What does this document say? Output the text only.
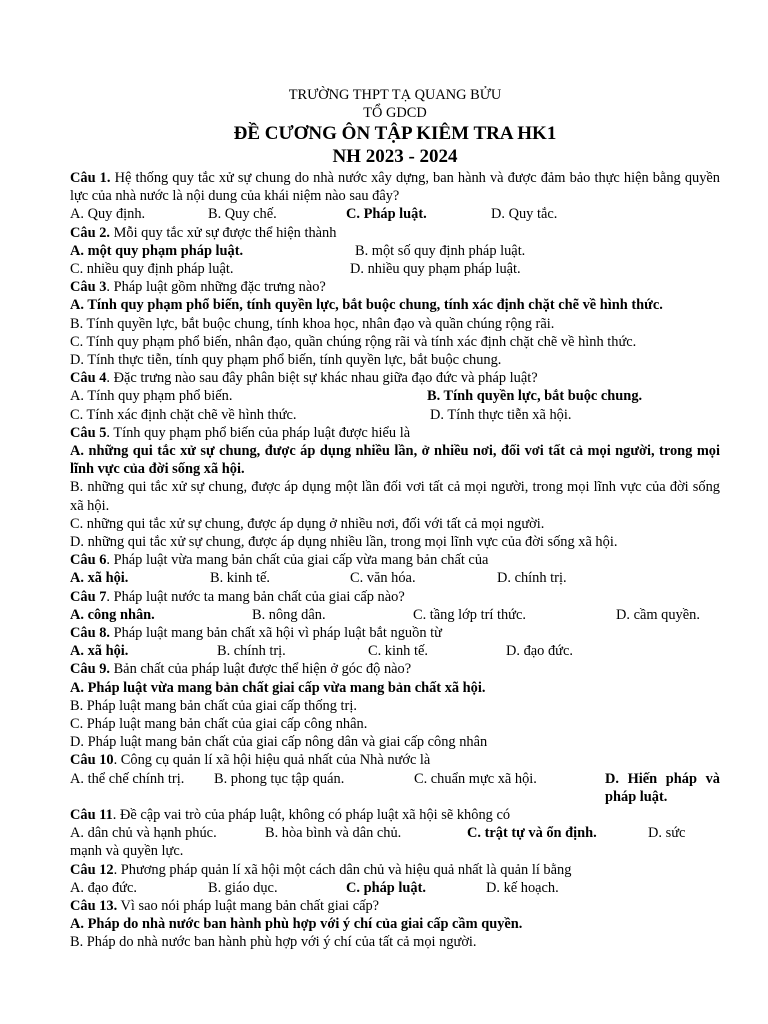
TRƯỜNG THPT TẠ QUANG BỬU
TỔ GDCD
ĐỀ CƯƠNG ÔN TẬP KIÊM TRA HK1
NH 2023 - 2024
Câu 1. Hệ thống quy tắc xử sự chung do nhà nước xây dựng, ban hành và được đảm bảo thực hiện bằng quyền lực của nhà nước là nội dung của khái niệm nào sau đây?
A. Quy định.	B. Quy chế.	C. Pháp luật.	D. Quy tắc.
Câu 2. Mỗi quy tắc xử sự được thể hiện thành
A. một quy phạm pháp luật.	B. một số quy định pháp luật.
C. nhiều quy định pháp luật.	D. nhiều quy phạm pháp luật.
Câu 3. Pháp luật gồm những đặc trưng nào?
A. Tính quy phạm phổ biến, tính quyền lực, bắt buộc chung, tính xác định chặt chẽ về hình thức.
B. Tính quyền lực, bắt buộc chung, tính khoa học, nhân đạo và quần chúng rộng rãi.
C. Tính quy phạm phổ biến, nhân đạo, quần chúng rộng rãi và tính xác định chặt chẽ về hình thức.
D. Tính thực tiễn, tính quy phạm phổ biến, tính quyền lực, bắt buộc chung.
Câu 4. Đặc trưng nào sau đây phân biệt sự khác nhau giữa đạo đức và pháp luật?
A. Tính quy phạm phổ biến.	B. Tính quyền lực, bắt buộc chung.
C. Tính xác định chặt chẽ về hình thức.	D. Tính thực tiễn xã hội.
Câu 5. Tính quy phạm phổ biến của pháp luật được hiểu là
A. những qui tắc xử sự chung, được áp dụng nhiều lần, ở nhiều nơi, đối vơi tất cả mọi người, trong mọi lĩnh vực của đời sống xã hội.
B. những qui tắc xử sự chung, được áp dụng một lần đối vơi tất cả mọi người, trong mọi lĩnh vực của đời sống xã hội.
C. những qui tắc xử sự chung, được áp dụng ở nhiều nơi, đối với tất cả mọi người.
D. những qui tắc xử sự chung, được áp dụng nhiều lần, trong mọi lĩnh vực của đời sống xã hội.
Câu 6. Pháp luật vừa mang bản chất của giai cấp vừa mang bản chất của
A. xã hội.	B. kinh tế.	C. văn hóa.	D. chính trị.
Câu 7. Pháp luật nước ta mang bản chất của giai cấp nào?
A. công nhân.	B. nông dân.	C. tầng lớp trí thức.	D. cầm quyền.
Câu 8. Pháp luật mang bản chất xã hội vì pháp luật bắt nguồn từ
A. xã hội.	B. chính trị.	C. kinh tế.	D. đạo đức.
Câu 9. Bản chất của pháp luật được thể hiện ở góc độ nào?
A. Pháp luật vừa mang bản chất giai cấp vừa mang bản chất xã hội.
B. Pháp luật mang bản chất của giai cấp thống trị.
C. Pháp luật mang bản chất của giai cấp công nhân.
D. Pháp luật mang bản chất của giai cấp nông dân và giai cấp công nhân
Câu 10. Công cụ quản lí xã hội hiệu quả nhất của Nhà nước là
A. thể chế chính trị. B. phong tục tập quán.	C. chuẩn mực xã hội.	D. Hiến pháp và pháp luật.
Câu 11. Đề cập vai trò của pháp luật, không có pháp luật xã hội sẽ không có
A. dân chủ và hạnh phúc.	B. hòa bình và dân chủ.	C. trật tự và ổn định.	D. sức
mạnh và quyền lực.
Câu 12. Phương pháp quản lí xã hội một cách dân chủ và hiệu quả nhất là quản lí bằng
A. đạo đức.	B. giáo dục.	C. pháp luật.	D. kế hoạch.
Câu 13. Vì sao nói pháp luật mang bản chất giai cấp?
A. Pháp do nhà nước ban hành phù hợp với ý chí của giai cấp cầm quyền.
B. Pháp do nhà nước ban hành phù hợp với ý chí của tất cả mọi người.
